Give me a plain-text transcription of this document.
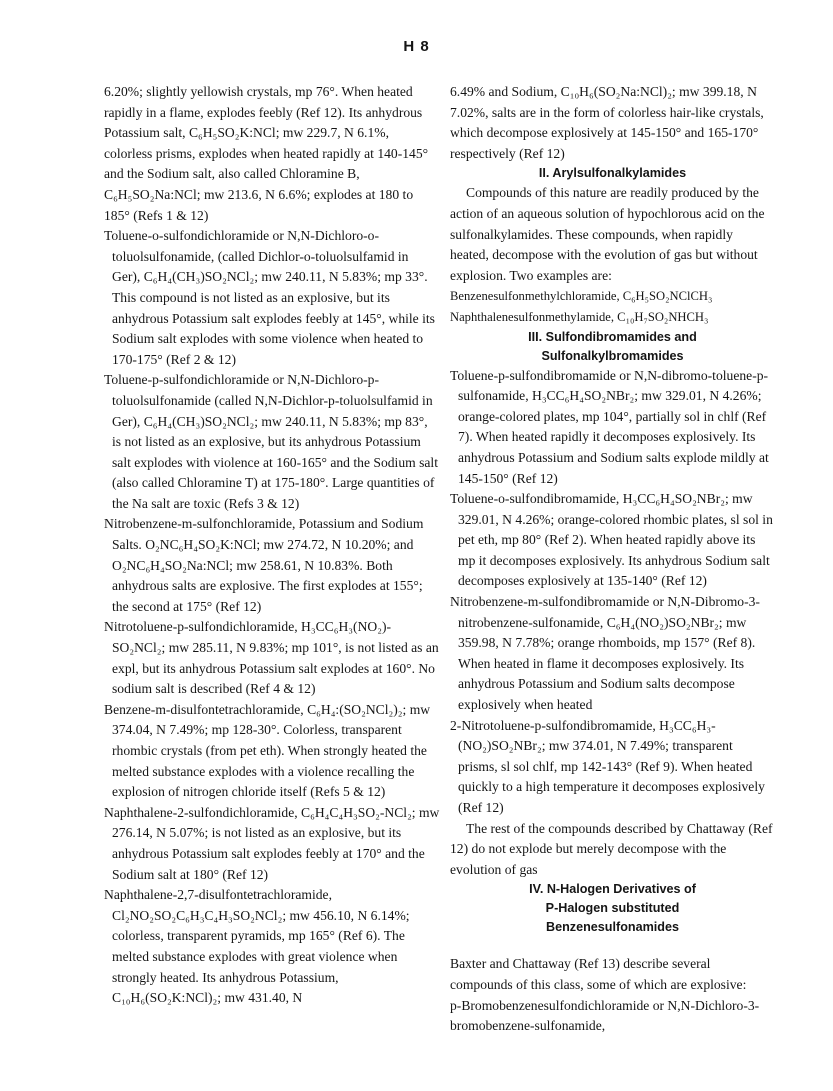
H 8

6.20%; slightly yellowish crystals, mp 76°. When heated rapidly in a flame, explodes feebly (Ref 12). Its anhydrous Potassium salt, C₆H₅SO₂K:NCl; mw 229.7, N 6.1%, colorless prisms, explodes when heated rapidly at 140-145° and the Sodium salt, also called Chloramine B, C₆H₅SO₂Na:NCl; mw 213.6, N 6.6%; explodes at 180 to 185° (Refs 1 & 12)

Toluene-o-sulfondichloramide or N,N-Dichloro-o-toluolsulfonamide, (called Dichlor-o-toluolsulfamid in Ger), C₆H₄(CH₃)SO₂NCl₂; mw 240.11, N 5.83%; mp 33°. This compound is not listed as an explosive, but its anhydrous Potassium salt explodes feebly at 145°, while its Sodium salt explodes with some violence when heated to 170-175° (Ref 2 & 12)

Toluene-p-sulfondichloramide or N,N-Dichloro-p-toluolsulfonamide (called N,N-Dichlor-p-toluolsulfamid in Ger), C₆H₄(CH₃)SO₂NCl₂; mw 240.11, N 5.83%; mp 83°, is not listed as an explosive, but its anhydrous Potassium salt explodes with violence at 160-165° and the Sodium salt (also called Chloramine T) at 175-180°. Large quantities of the Na salt are toxic (Refs 3 & 12)

Nitrobenzene-m-sulfonchloramide, Potassium and Sodium Salts. O₂NC₆H₄SO₂K:NCl; mw 274.72, N 10.20%; and O₂NC₆H₄SO₂Na:NCl; mw 258.61, N 10.83%. Both anhydrous salts are explosive. The first explodes at 155°; the second at 175° (Ref 12)

Nitrotoluene-p-sulfondichloramide, H₃CC₆H₃(NO₂)-SO₂NCl₂; mw 285.11, N 9.83%; mp 101°, is not listed as an expl, but its anhydrous Potassium salt explodes at 160°. No sodium salt is described (Ref 4 & 12)

Benzene-m-disulfontetrachloramide, C₆H₄:(SO₂NCl₂)₂; mw 374.04, N 7.49%; mp 128-30°. Colorless, transparent rhombic crystals (from pet eth). When strongly heated the melted substance explodes with a violence recalling the explosion of nitrogen chloride itself (Refs 5 & 12)

Naphthalene-2-sulfondichloramide, C₆H₄C₄H₃SO₂-NCl₂; mw 276.14, N 5.07%; is not listed as an explosive, but its anhydrous Potassium salt explodes feebly at 170° and the Sodium salt at 180° (Ref 12)

Naphthalene-2,7-disulfontetrachloramide, Cl₂NO₂SO₂C₆H₃C₄H₃SO₂NCl₂; mw 456.10, N 6.14%; colorless, transparent pyramids, mp 165° (Ref 6). The melted substance explodes with great violence when strongly heated. Its anhydrous Potassium, C₁₀H₆(SO₂K:NCl)₂; mw 431.40, N

6.49% and Sodium, C₁₀H₆(SO₂Na:NCl)₂; mw 399.18, N 7.02%, salts are in the form of colorless hair-like crystals, which decompose explosively at 145-150° and 165-170° respectively (Ref 12)

II. Arylsulfonalkylamides

Compounds of this nature are readily produced by the action of an aqueous solution of hypochlorous acid on the sulfonalkylamides. These compounds, when rapidly heated, decompose with the evolution of gas but without explosion. Two examples are:

Benzenesulfonmethylchloramide, C₆H₅SO₂NClCH₃

Naphthalenesulfonmethylamide, C₁₀H₇SO₂NHCH₃

III. Sulfondibromamides and
Sulfonalkylbromamides

Toluene-p-sulfondibromamide or N,N-dibromo-toluene-p-sulfonamide, H₃CC₆H₄SO₂NBr₂; mw 329.01, N 4.26%; orange-colored plates, mp 104°, partially sol in chlf (Ref 7). When heated rapidly it decomposes explosively. Its anhydrous Potassium and Sodium salts explode mildly at 145-150° (Ref 12)

Toluene-o-sulfondibromamide, H₃CC₆H₄SO₂NBr₂; mw 329.01, N 4.26%; orange-colored rhombic plates, sl sol in pet eth, mp 80° (Ref 2). When heated rapidly above its mp it decomposes explosively. Its anhydrous Sodium salt decomposes explosively at 135-140° (Ref 12)

Nitrobenzene-m-sulfondibromamide or N,N-Dibromo-3-nitrobenzene-sulfonamide, C₆H₄(NO₂)SO₂NBr₂; mw 359.98, N 7.78%; orange rhomboids, mp 157° (Ref 8). When heated in flame it decomposes explosively. Its anhydrous Potassium and Sodium salts decompose explosively when heated

2-Nitrotoluene-p-sulfondibromamide, H₃CC₆H₃-(NO₂)SO₂NBr₂; mw 374.01, N 7.49%; transparent prisms, sl sol chlf, mp 142-143° (Ref 9). When heated quickly to a high temperature it decomposes explosively (Ref 12)

The rest of the compounds described by Chattaway (Ref 12) do not explode but merely decompose with the evolution of gas

IV. N-Halogen Derivatives of
P-Halogen substituted
Benzenesulfonamides

Baxter and Chattaway (Ref 13) describe several compounds of this class, some of which are explosive:

p-Bromobenzenesulfondichloramide or N,N-Dichloro-3-bromobenzene-sulfonamide,
